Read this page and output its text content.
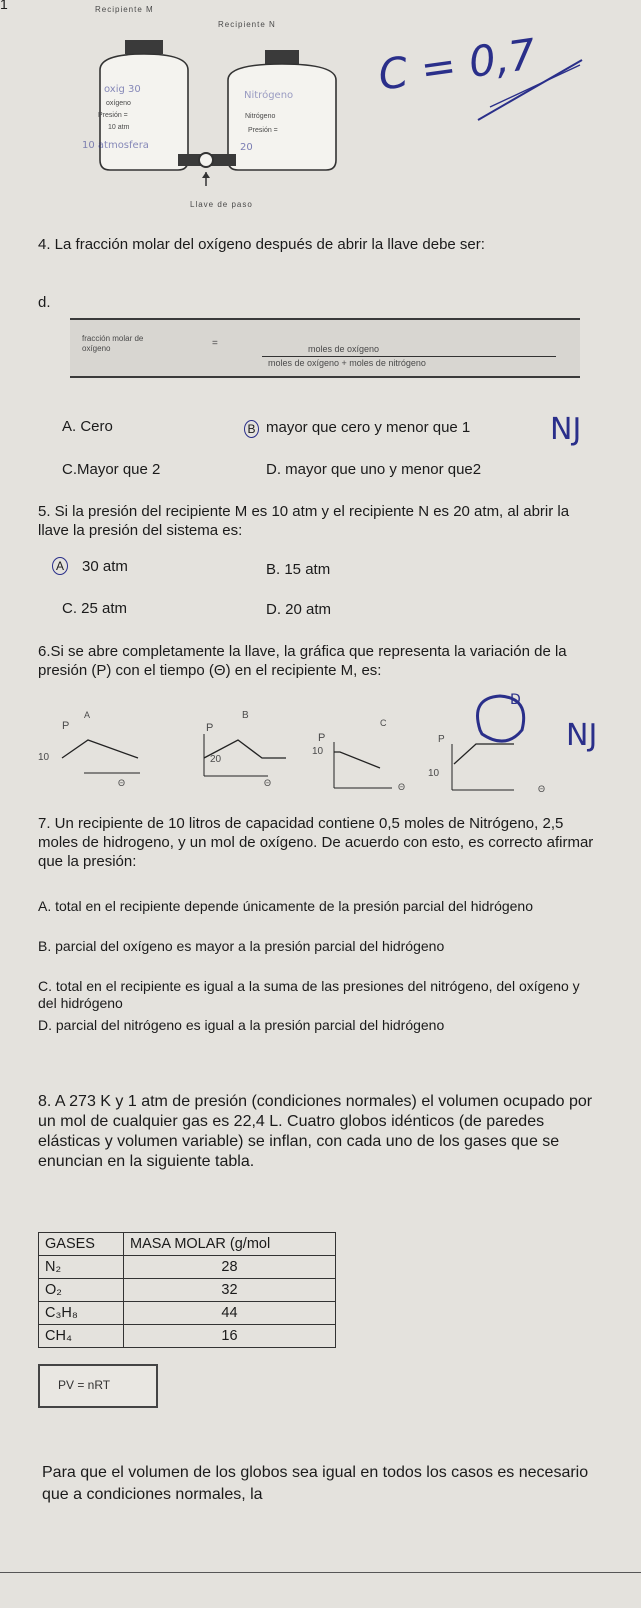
1	Recipiente M
Recipiente N
oxígeno
Presión =
10 atm
oxig 30
10 atmosfera
Nitrógeno
Presión =
20
Nitrógeno
Llave de paso
C = 0,7
4. La fracción molar del oxígeno después de abrir la llave debe ser:
d.
fracción molar de oxígeno	=	moles de oxígeno
moles de oxígeno + moles de nitrógeno
A. Cero	B mayor que cero y menor que 1
C.Mayor que 2	D. mayor que uno y menor que2
NJ
5. Si la presión del recipiente M es 10 atm y el recipiente N es 20 atm, al abrir la llave la presión del sistema es:
A 30 atm	B. 15 atm
C. 25 atm	D. 20 atm
6.Si se abre completamente la llave, la gráfica que representa la variación de la presión (P) con el tiempo (Θ) en el recipiente M, es:
A
P
10
Θ
B
P
20
Θ
C
P
10
Θ
D
P
10
Θ
NJ
7. Un recipiente de 10 litros de capacidad contiene 0,5 moles de Nitrógeno, 2,5 moles de hidrogeno, y un mol de oxígeno. De acuerdo con esto, es correcto afirmar que la presión:
A. total en el recipiente depende únicamente de la presión parcial del hidrógeno
B. parcial del oxígeno es mayor a la presión parcial del hidrógeno
C. total en el recipiente es igual a la suma de las presiones del nitrógeno, del oxígeno y del hidrógeno
D. parcial del nitrógeno es igual a la presión parcial del hidrógeno
8. A 273 K y 1 atm de presión (condiciones normales) el volumen ocupado por un mol de cualquier gas es 22,4 L. Cuatro globos idénticos (de paredes elásticas y volumen variable) se inflan, con cada uno de los gases que se enuncian en la siguiente tabla.
GASES	MASA MOLAR (g/mol
N₂	28
O₂	32
C₃H₈	44
CH₄	16
PV = nRT
Para que el volumen de los globos sea igual en todos los casos es necesario que a condiciones normales, la
